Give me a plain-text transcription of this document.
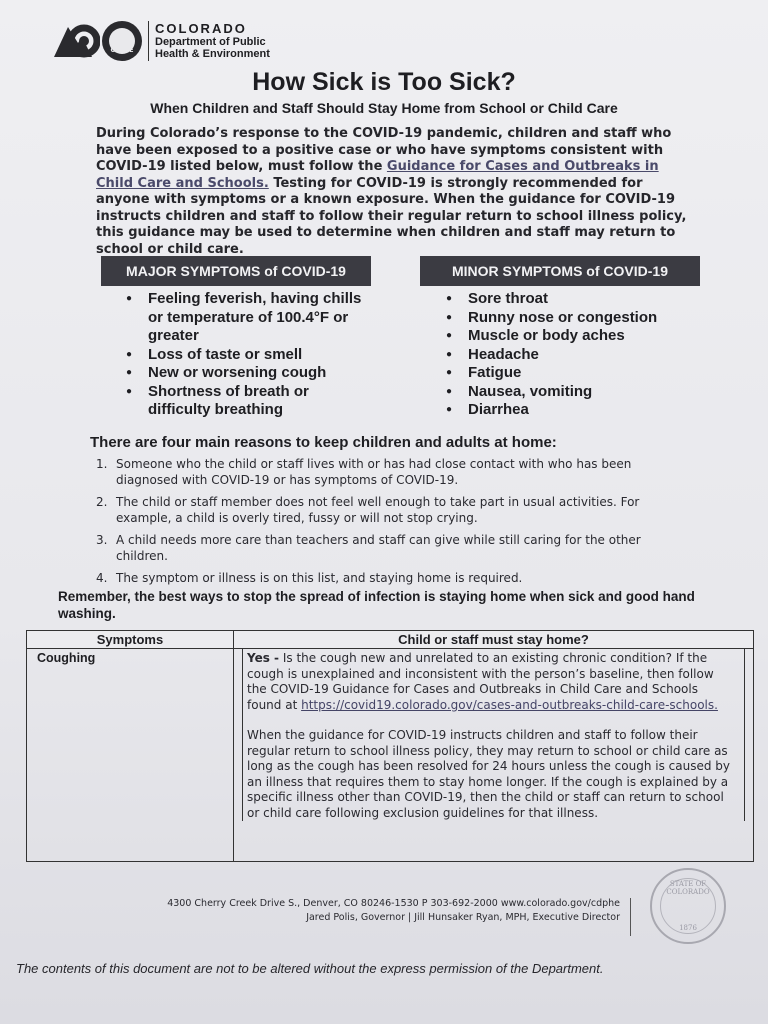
CDPHE
COLORADO
Department of Public
Health & Environment
How Sick is Too Sick?
When Children and Staff Should Stay Home from School or Child Care
During Colorado’s response to the COVID-19 pandemic, children and staff who have been exposed to a positive case or who have symptoms consistent with COVID-19 listed below, must follow the Guidance for Cases and Outbreaks in Child Care and Schools. Testing for COVID-19 is strongly recommended for anyone with symptoms or a known exposure. When the guidance for COVID-19 instructs children and staff to follow their regular return to school illness policy, this guidance may be used to determine when children and staff may return to school or child care.
MAJOR SYMPTOMS of COVID-19	MINOR SYMPTOMS of COVID-19
● Feeling feverish, having chills or temperature of 100.4°F or greater
● Loss of taste or smell
● New or worsening cough
● Shortness of breath or difficulty breathing
● Sore throat
● Runny nose or congestion
● Muscle or body aches
● Headache
● Fatigue
● Nausea, vomiting
● Diarrhea
There are four main reasons to keep children and adults at home:
1. Someone who the child or staff lives with or has had close contact with who has been diagnosed with COVID-19 or has symptoms of COVID-19.
2. The child or staff member does not feel well enough to take part in usual activities. For example, a child is overly tired, fussy or will not stop crying.
3. A child needs more care than teachers and staff can give while still caring for the other children.
4. The symptom or illness is on this list, and staying home is required.
Remember, the best ways to stop the spread of infection is staying home when sick and good hand washing.
Symptoms	Child or staff must stay home?
Coughing	Yes - Is the cough new and unrelated to an existing chronic condition? If the cough is unexplained and inconsistent with the person’s baseline, then follow the COVID-19 Guidance for Cases and Outbreaks in Child Care and Schools found at https://covid19.colorado.gov/cases-and-outbreaks-child-care-schools.

When the guidance for COVID-19 instructs children and staff to follow their regular return to school illness policy, they may return to school or child care as long as the cough has been resolved for 24 hours unless the cough is caused by an illness that requires them to stay home longer. If the cough is explained by a specific illness other than COVID-19, then the child or staff can return to school or child care following exclusion guidelines for that illness.

4300 Cherry Creek Drive S., Denver, CO 80246-1530 P 303-692-2000 www.colorado.gov/cdphe
Jared Polis, Governor | Jill Hunsaker Ryan, MPH, Executive Director
STATE OF COLORADO
1876
The contents of this document are not to be altered without the express permission of the Department.
